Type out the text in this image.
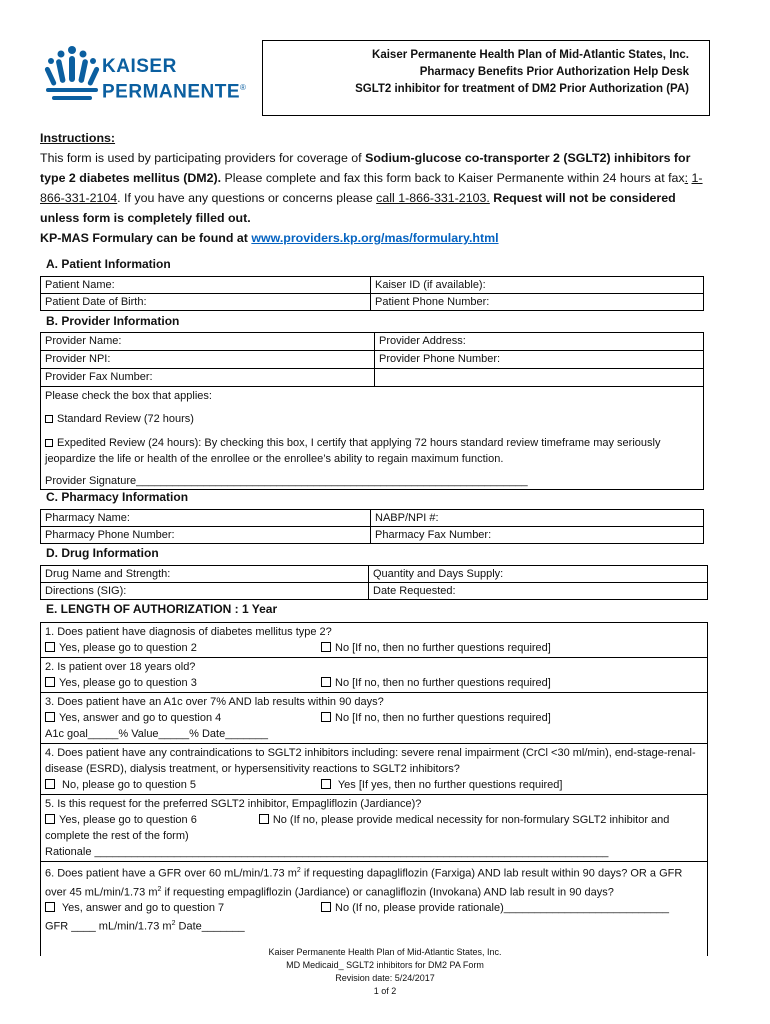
KAISER
PERMANENTE®
Kaiser Permanente Health Plan of Mid-Atlantic States, Inc.
Pharmacy Benefits Prior Authorization Help Desk
SGLT2 inhibitor for treatment of DM2 Prior Authorization (PA)
Instructions:
This form is used by participating providers for coverage of Sodium-glucose co-transporter 2 (SGLT2) inhibitors for type 2 diabetes mellitus (DM2). Please complete and fax this form back to Kaiser Permanente within 24 hours at fax: 1-866-331-2104. If you have any questions or concerns please call 1-866-331-2103. Request will not be considered unless form is completely filled out.
KP-MAS Formulary can be found at www.providers.kp.org/mas/formulary.html
A. Patient Information
Patient Name:	Kaiser ID (if available):
Patient Date of Birth:	Patient Phone Number:
B. Provider Information
Provider Name:	Provider Address:
Provider NPI:	Provider Phone Number:
Provider Fax Number:
Please check the box that applies:
Standard Review (72 hours)
Expedited Review (24 hours): By checking this box, I certify that applying 72 hours standard review timeframe may seriously jeopardize the life or health of the enrollee or the enrollee’s ability to regain maximum function.
Provider Signature________________________________________________________________
C. Pharmacy Information
Pharmacy Name:	NABP/NPI #:
Pharmacy Phone Number:	Pharmacy Fax Number:
D. Drug Information
Drug Name and Strength:	Quantity and Days Supply:
Directions (SIG):	Date Requested:
E. LENGTH OF AUTHORIZATION : 1 Year
1. Does patient have diagnosis of diabetes mellitus type 2?
Yes, please go to question 2	No [If no, then no further questions required]
2. Is patient over 18 years old?
Yes, please go to question 3	No [If no, then no further questions required]
3. Does patient have an A1c over 7% AND lab results within 90 days?
Yes, answer and go to question 4	No [If no, then no further questions required]
A1c goal_____% Value_____% Date_______
4. Does patient have any contraindications to SGLT2 inhibitors including: severe renal impairment (CrCl <30 ml/min), end-stage-renal-disease (ESRD), dialysis treatment, or hypersensitivity reactions to SGLT2 inhibitors?
No, please go to question 5	Yes [If yes, then no further questions required]
5. Is this request for the preferred SGLT2 inhibitor, Empagliflozin (Jardiance)?
Yes, please go to question 6	No (If no, please provide medical necessity for non-formulary SGLT2 inhibitor and complete the rest of the form)
Rationale ____________________________________________________________________________________
6. Does patient have a GFR over 60 mL/min/1.73 $m^2$ if requesting dapagliflozin (Farxiga) AND lab result within 90 days? OR a GFR over 45 mL/min/1.73 $m^2$ if requesting empagliflozin (Jardiance) or canagliflozin (Invokana) AND lab result in 90 days?
Yes, answer and go to question 7	No (If no, please provide rationale)___________________________
GFR ____ mL/min/1.73 $m^2$ Date_______
Kaiser Permanente Health Plan of Mid-Atlantic States, Inc.
MD Medicaid_ SGLT2 inhibitors for DM2 PA Form
Revision date: 5/24/2017
1 of 2
